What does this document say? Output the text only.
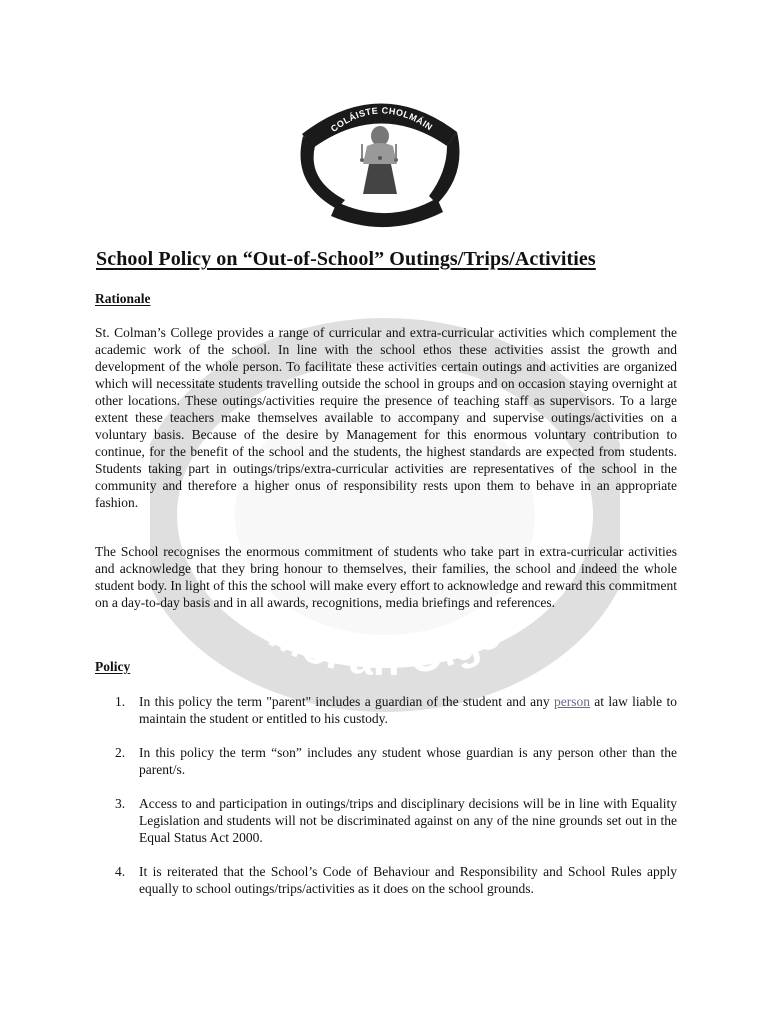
Mol an Oige
COLÁISTE CHOLMÁIN
Mol an Oige
School Policy on “Out-of-School” Outings/Trips/Activities
Rationale

St. Colman’s College provides a range of curricular and extra-curricular activities which complement the academic work of the school. In line with the school ethos these activities assist the growth and development of the whole person. To facilitate these activities certain outings and activities are organized which will necessitate students travelling outside the school in groups and on occasion staying overnight at other locations. These outings/activities require the presence of teaching staff as supervisors. To a large extent these teachers make themselves available to accompany and supervise outings/activities on a voluntary basis. Because of the desire by Management for this enormous voluntary contribution to continue, for the benefit of the school and the students, the highest standards are expected from students. Students taking part in outings/trips/extra-curricular activities are representatives of the school in the community and therefore a higher onus of responsibility rests upon them to behave in an appropriate fashion.

The School recognises the enormous commitment of students who take part in extra-curricular activities and acknowledge that they bring honour to themselves, their families, the school and indeed the whole student body. In light of this the school will make every effort to acknowledge and reward this commitment on a day-to-day basis and in all awards, recognitions, media briefings and references.

Policy
1. In this policy the term "parent" includes a guardian of the student and any person at law liable to maintain the student or entitled to his custody.
2. In this policy the term “son” includes any student whose guardian is any person other than the parent/s.
3. Access to and participation in outings/trips and disciplinary decisions will be in line with Equality Legislation and students will not be discriminated against on any of the nine grounds set out in the Equal Status Act 2000.
4. It is reiterated that the School’s Code of Behaviour and Responsibility and School Rules apply equally to school outings/trips/activities as it does on the school grounds.
